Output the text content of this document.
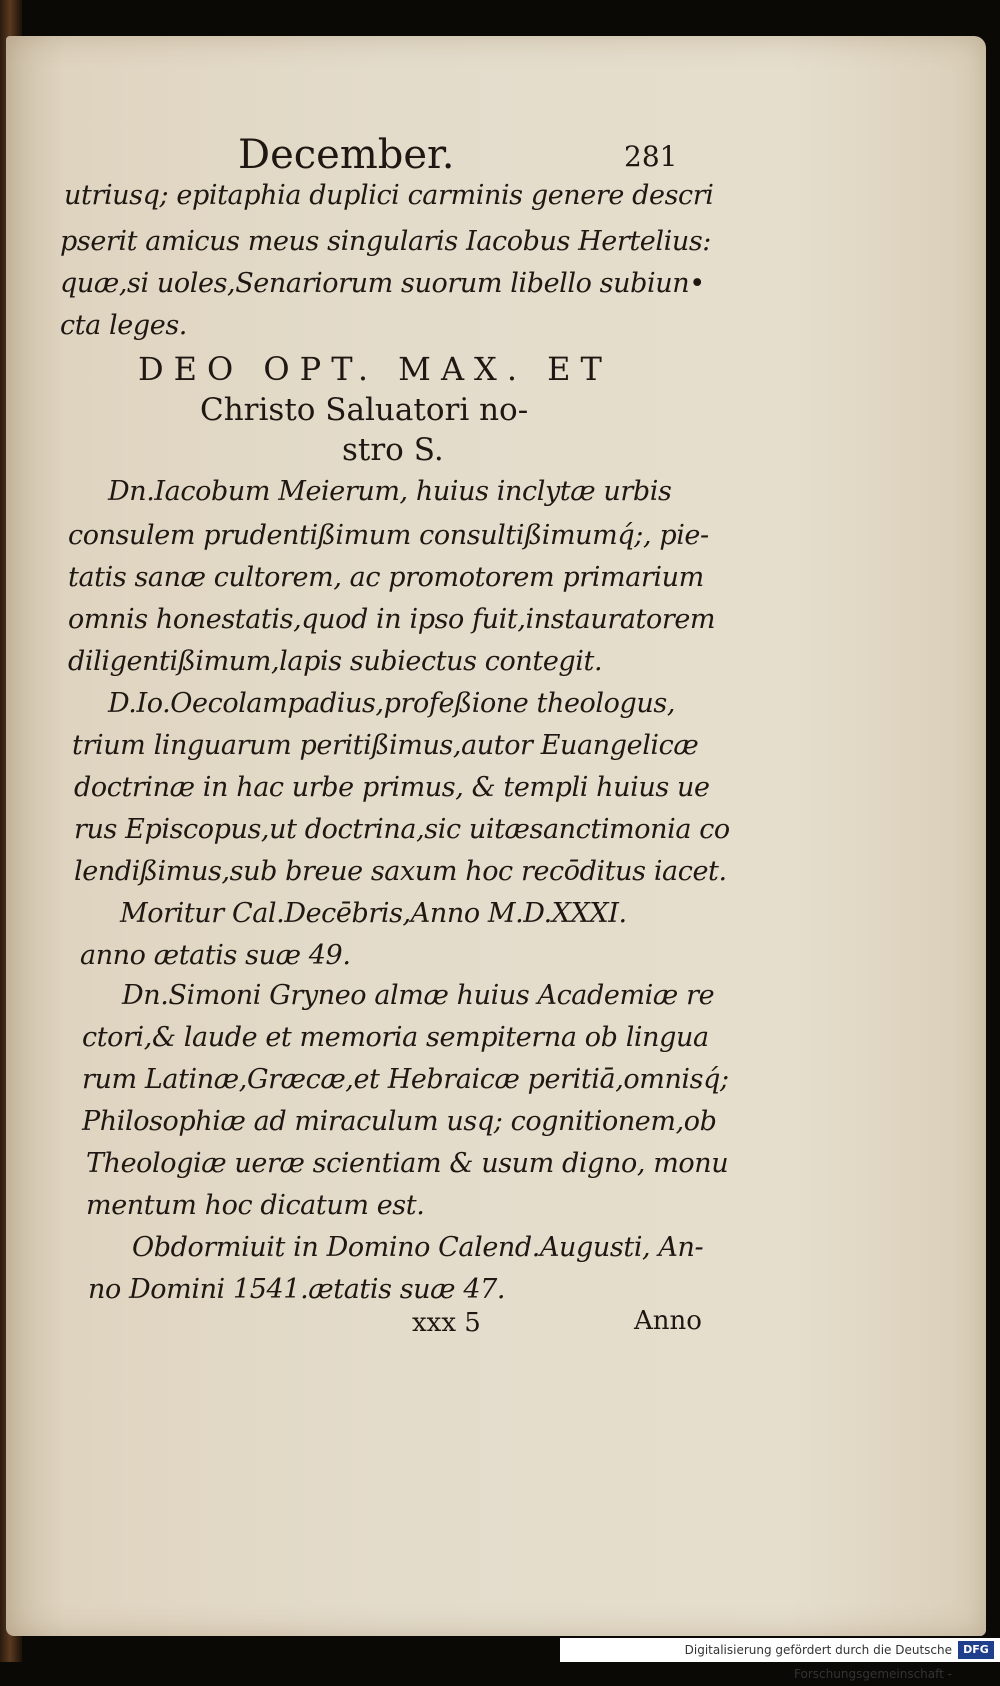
December.	281
utriusq; epitaphia duplici carminis genere descri
pserit amicus meus singularis Iacobus Hertelius:
quæ,si uoles,Senariorum suorum libello subiun•
cta leges.
DEO OPT. MAX. ET
Christo Saluatori no-
stro S.
Dn.Iacobum Meierum, huius inclytæ urbis
consulem prudentißimum consultißimumq́;, pie-
tatis sanæ cultorem, ac promotorem primarium
omnis honestatis,quod in ipso fuit,instauratorem
diligentißimum,lapis subiectus contegit.
D.Io.Oecolampadius,profeßione theologus,
trium linguarum peritißimus,autor Euangelicæ
doctrinæ in hac urbe primus, & templi huius ue
rus Episcopus,ut doctrina,sic uitæsanctimonia co
lendißimus,sub breue saxum hoc recōditus iacet.
Moritur Cal.Decēbris,Anno M.D.XXXI.
anno ætatis suæ 49.
Dn.Simoni Gryneo almæ huius Academiæ re
ctori,& laude et memoria sempiterna ob lingua
rum Latinæ,Græcæ,et Hebraicæ peritiā,omnisq́;
Philosophiæ ad miraculum usq; cognitionem,ob
Theologiæ ueræ scientiam & usum digno, monu
mentum hoc dicatum est.
Obdormiuit in Domino Calend.Augusti, An-
no Domini 1541.ætatis suæ 47.
xxx 5	Anno
Digitalisierung gefördert durch die Deutsche Forschungsgemeinschaft -
DFG
